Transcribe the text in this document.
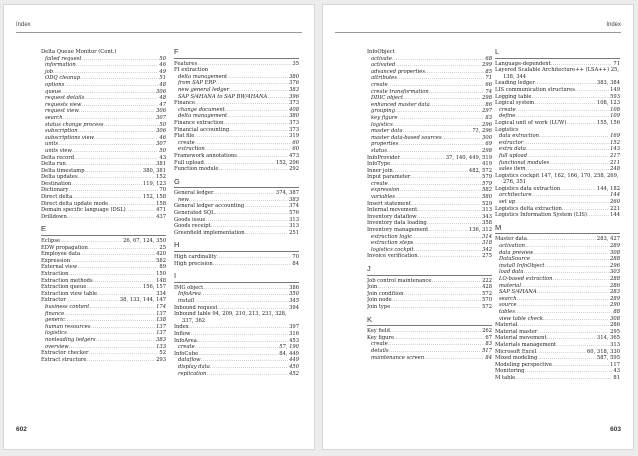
Index
Delta Queue Monitor (Cont.)
failed request .....	50
information .....	46
job .....	49
ODQ cleanup .....	51
options .....	48
queue .....	306
request details .....	48
requests view .....	47
request view .....	306
search .....	307
status change process .....	50
subscription .....	306
subscriptions view .....	46
units .....	307
units view .....	50
Delta record .....	43
Delta run .....	381
Delta timestamp .....	380, 381
Delta updates .....	152
Destination .....	119, 123
Dictionary .....	70
Direct delta .....	152, 158
Direct delta update mode .....	158
Domain specific language (DSL) .....	471
Drilldown .....	437
E
Eclipse .....	26, 67, 124, 350
EDW propagation .....	25
Employee data .....	420
Expression .....	582
External view .....	89
Extraction .....	150
Extraction methods .....	148
Extraction queue .....	156, 157
Extraction view table .....	334
Extractor .....	38, 133, 144, 147
business content .....	174
finance .....	137
generic .....	138
human resources .....	137
logistics .....	137
nonleading ledgers .....	383
overview .....	133
Extractor checker .....	52
Extract structure .....	293
F
Features .....	35
FI extraction
delta management .....	380
from SAP ERP .....	376
new general ledger .....	383
SAP S/4HANA to SAP BW/4HANA .....	396
Finance .....	373
change document .....	408
delta management .....	380
Finance extraction .....	373
Financial accounting .....	373
Flat file .....	319
create .....	60
extraction .....	60
Framework annotations .....	473
Full upload .....	152, 206
Function module .....	292
G
General ledger .....	374, 387
new .....	383
General ledger accounting .....	374
Generated SQL .....	576
Goods issue .....	313
Goods receipt .....	313
Greenfield implementation .....	251
H
High cardinality .....	70
High precision .....	84
I
IMG object .....	386
InfoArea .....	350
install .....	345
Inbound request .....	394
Inbound table 94, 209, 210, 213, 231, 328, 337, 362
Index .....	397
Inflow .....	316
InfoArea .....	453
create .....	57, 190
InfoCube .....	84, 449
dataflow .....	449
display data .....	450
replication .....	452
602
Index
InfoObject
activate .....	68
activated .....	299
advanced properties .....	85
attributes .....	71
create .....	66
create transformation .....	74
DDIC object .....	298
enhanced master data .....	86
grouping .....	297
key figure .....	83
logistics .....	296
master data .....	71, 296
master data-based sources .....	300
properties .....	69
status .....	298
InfoProvider .....	37, 140, 449, 519
InfoType .....	419
Inner join .....	482, 572
Input parameter .....	579
create .....	579
expression .....	582
variables .....	580
Insert statement .....	529
Internal movement .....	313
Inventory dataflow .....	343
Inventory data loading .....	358
Inventory management .....	136, 312
extraction logic .....	314
extraction steps .....	318
logistics cockpit .....	342
Invoice verification .....	275
J
Job control maintenance .....	222
Join .....	428
Join condition .....	572
Join node .....	570
Join type .....	572
K
Key field .....	262
Key figure .....	67
create .....	83
details .....	517
maintenance screen .....	84
L
Language-dependent .....	71
Layered Scalable Architecture++ (LSA++) 25, 138, 344
Leading ledger .....	383, 384
LIS communication structures .....	149
Logging table .....	593
Logical system .....	108, 123
create .....	108
define .....	109
Logical unit of work (LUW) .....	155, 156
Logistics
data extraction .....	169
extractor .....	152
extra data .....	143
full upload .....	217
functional modules .....	211
sales item .....	248
Logistics cockpit 147, 162, 166, 170, 258, 269, 276, 351
Logistics data extraction .....	144, 182
architecture .....	144
set up .....	260
Logistics delta extraction .....	221
Logistics Information System (LIS) .....	144
M
Master data .....	283, 427
activation .....	289
data preview .....	308
DataSource .....	288
install InfoObject .....	296
load data .....	303
LO-based extraction .....	288
material .....	286
SAP S/4HANA .....	283
search .....	289
source .....	290
tables .....	88
view table check .....	308
Material .....	286
Material master .....	295
Material movement .....	314, 365
Materials management .....	313
Microsoft Excel .....	60, 318, 330
Mixed modeling .....	587, 595
Modeling perspective .....	117
Monitoring .....	43
M table .....	81
603
